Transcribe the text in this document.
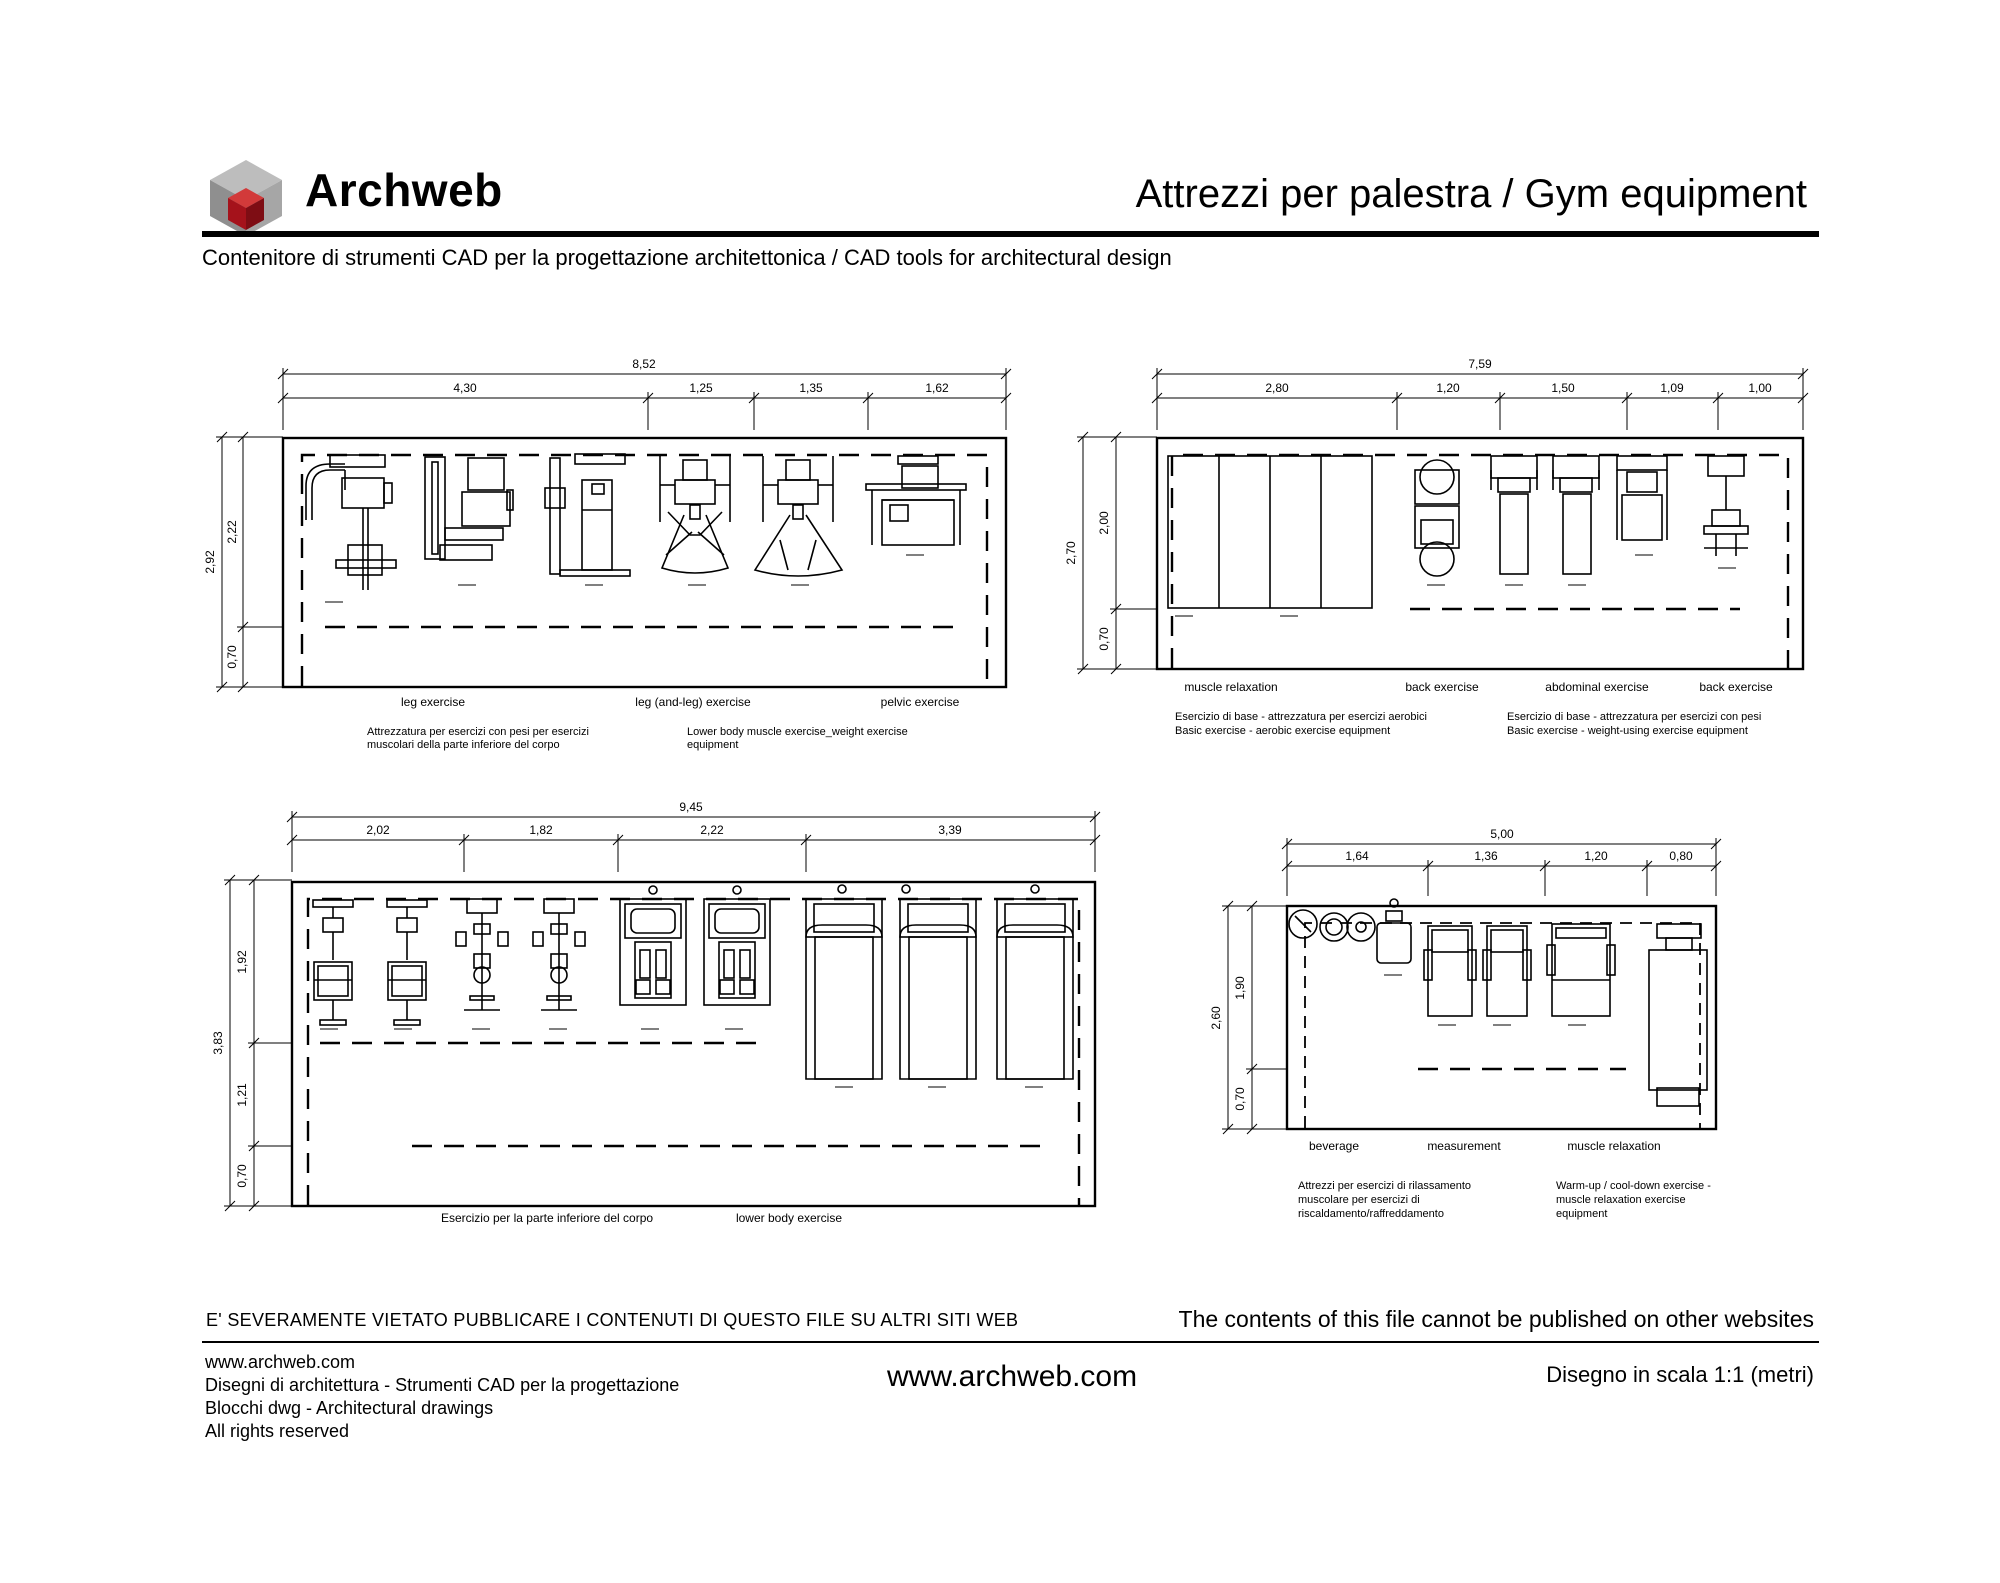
Archweb	Attrezzi per palestra / Gym equipment
Contenitore di strumenti CAD per la progettazione architettonica / CAD tools for architectural design
8,52
4,30	1,25	1,35	1,62
2,92
2,22
0,70
leg exercise	leg (and-leg) exercise	pelvic exercise
Attrezzatura per esercizi con pesi per esercizi
muscolari della parte inferiore del corpo
Lower body muscle exercise_weight exercise
equipment
7,59
2,80	1,20	1,50	1,09	1,00
2,70
2,00
0,70
muscle relaxation	back exercise	abdominal exercise	back exercise
Esercizio di base - attrezzatura per esercizi aerobici
Basic exercise - aerobic exercise equipment
Esercizio di base - attrezzatura per esercizi con pesi
Basic exercise - weight-using exercise equipment
9,45
2,02	1,82	2,22	3,39
3,83
1,92
1,21
0,70
Esercizio per la parte inferiore del corpo	lower body exercise
5,00
1,64	1,36	1,20	0,80
2,60
1,90
0,70
beverage	measurement	muscle relaxation
Attrezzi per esercizi di rilassamento
muscolare per esercizi di
riscaldamento/raffreddamento
Warm-up / cool-down exercise -
muscle relaxation exercise
equipment
E' SEVERAMENTE VIETATO PUBBLICARE I CONTENUTI DI QUESTO FILE SU ALTRI SITI WEB	The contents of this file cannot be published on other websites
www.archweb.com
Disegni di architettura - Strumenti CAD per la progettazione
Blocchi dwg - Architectural drawings
All rights reserved
www.archweb.com	Disegno in scala 1:1 (metri)
